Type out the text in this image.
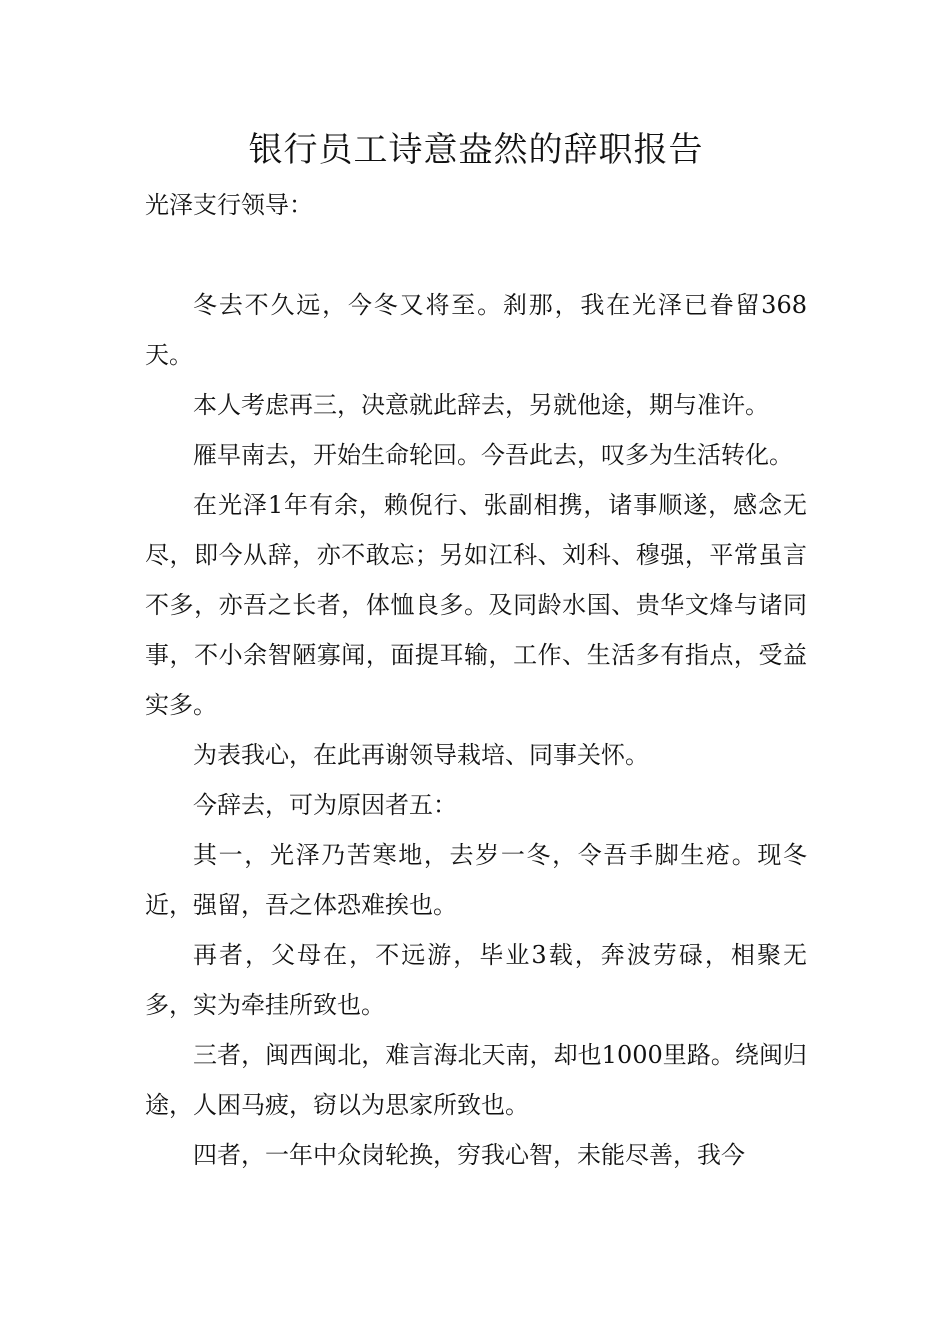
银行员工诗意盎然的辞职报告

光泽支行领导：

冬去不久远，今冬又将至。刹那，我在光泽已眷留368天。

本人考虑再三，决意就此辞去，另就他途，期与准许。

雁早南去，开始生命轮回。今吾此去，叹多为生活转化。

在光泽1年有余，赖倪行、张副相携，诸事顺遂，感念无尽，即今从辞，亦不敢忘；另如江科、刘科、穆强，平常虽言不多，亦吾之长者，体恤良多。及同龄水国、贵华文烽与诸同事，不小余智陋寡闻，面提耳输，工作、生活多有指点，受益实多。

为表我心，在此再谢领导栽培、同事关怀。

今辞去，可为原因者五：

其一，光泽乃苦寒地，去岁一冬，令吾手脚生疮。现冬近，强留，吾之体恐难挨也。

再者，父母在，不远游，毕业3载，奔波劳碌，相聚无多，实为牵挂所致也。

三者，闽西闽北，难言海北天南，却也1000里路。绕闽归途，人困马疲，窃以为思家所致也。

四者，一年中众岗轮换，穷我心智，未能尽善，我今
